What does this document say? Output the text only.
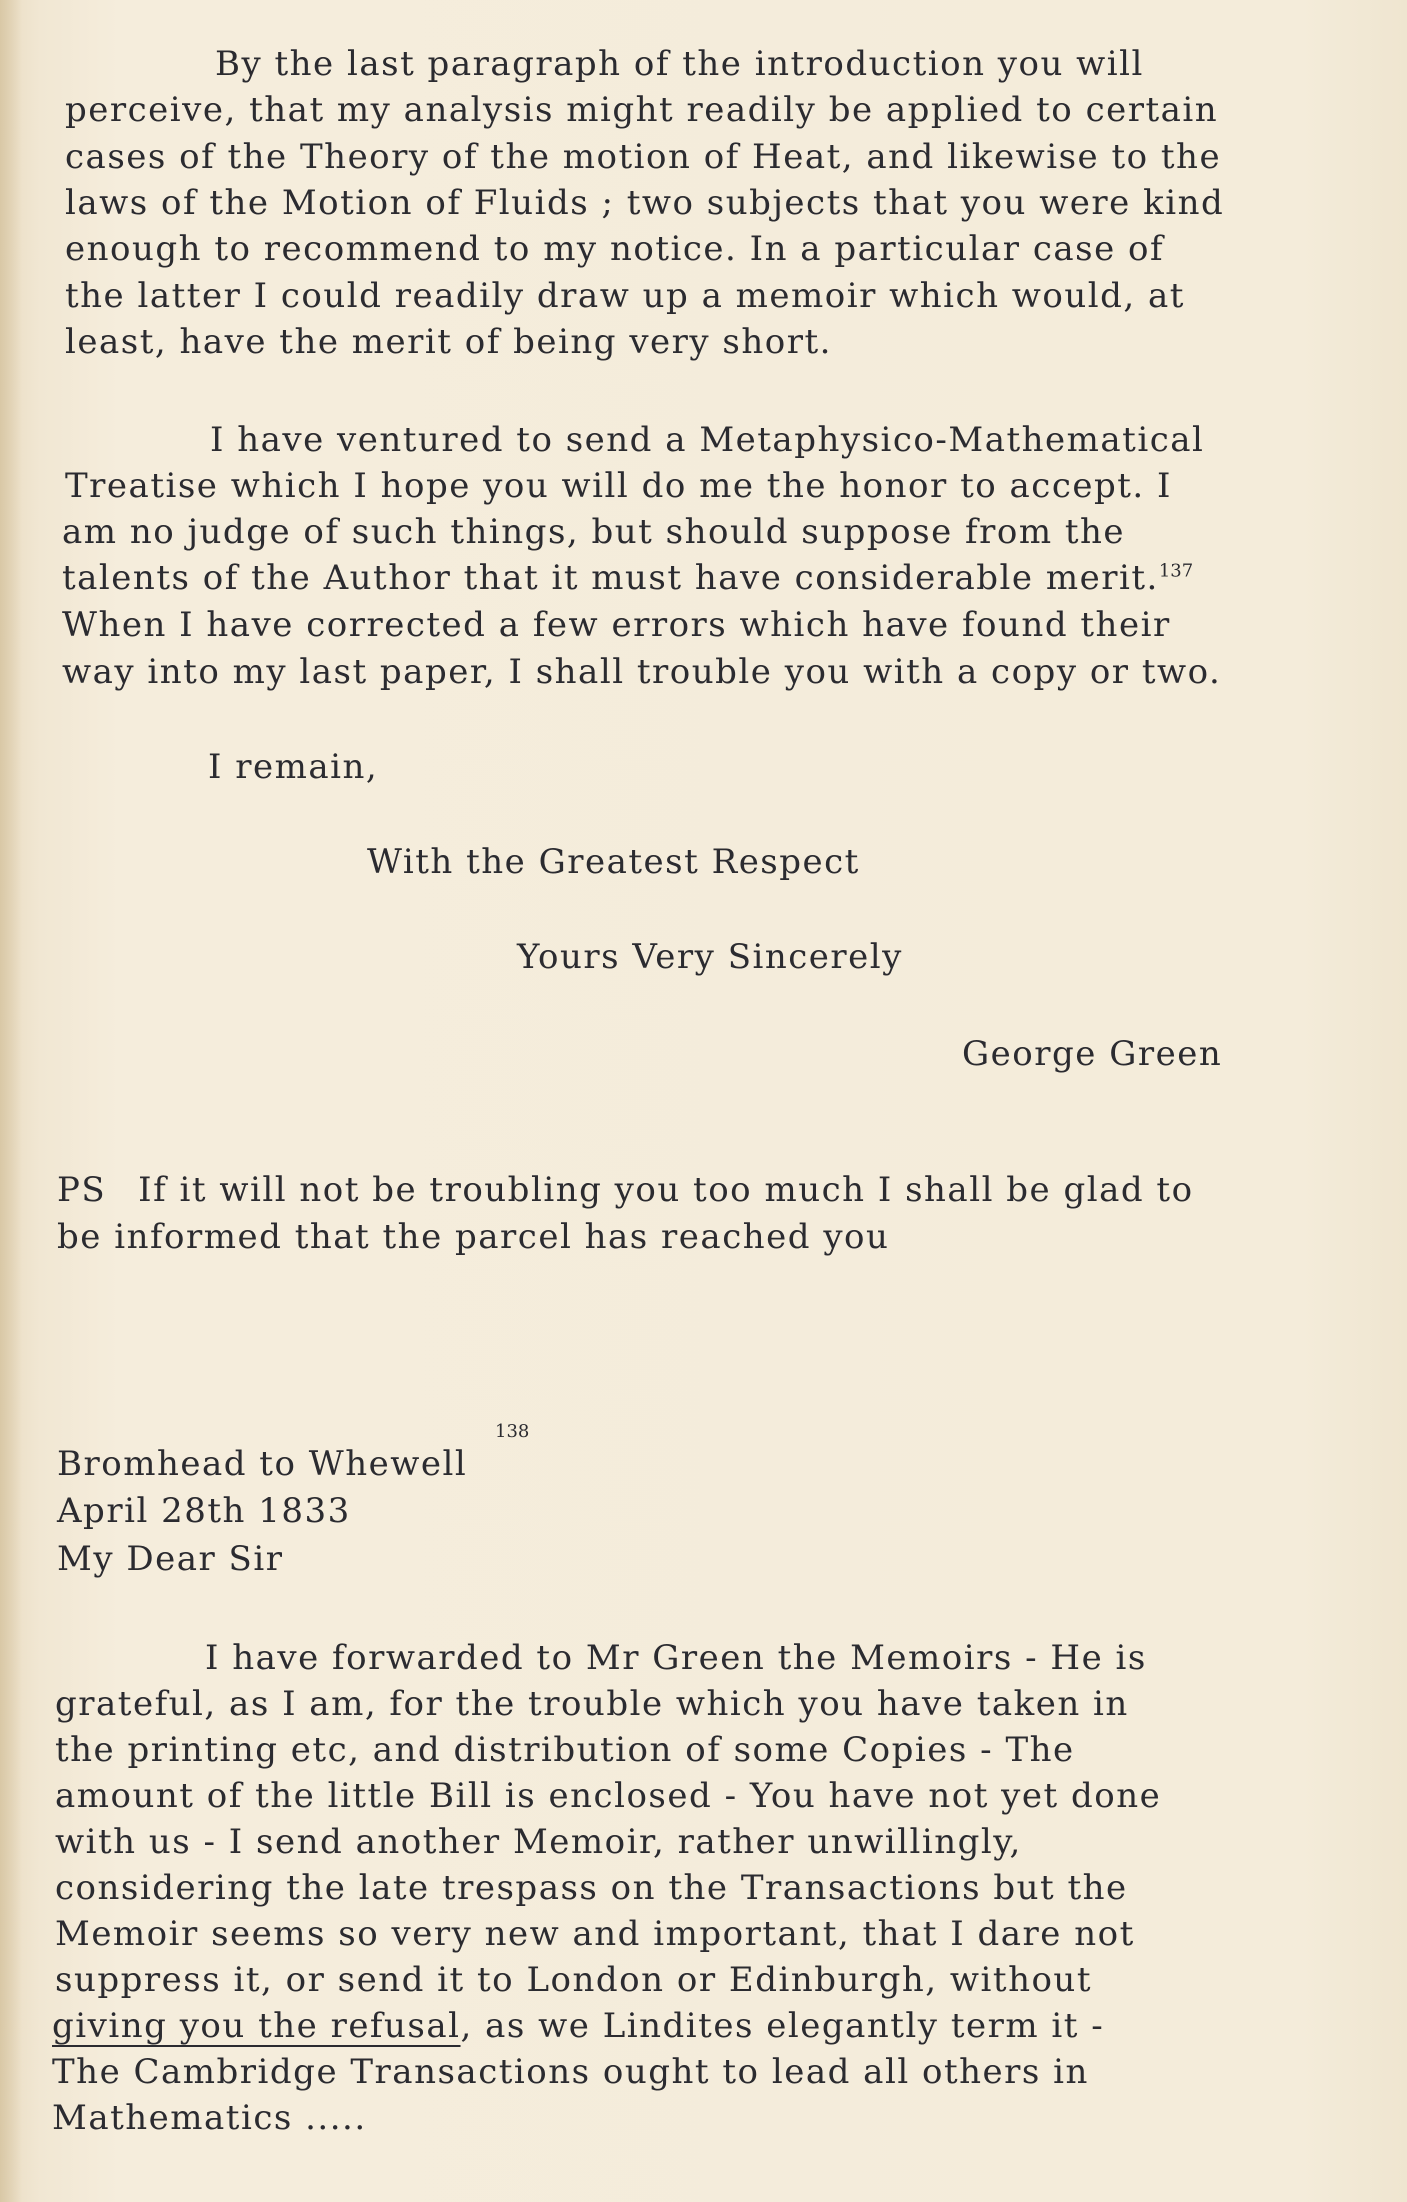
By the last paragraph of the introduction you will
perceive, that my analysis might readily be applied to certain
cases of the Theory of the motion of Heat, and likewise to the
laws of the Motion of Fluids ; two subjects that you were kind
enough to recommend to my notice. In a particular case of
the latter I could readily draw up a memoir which would, at
least, have the merit of being very short.
I have ventured to send a Metaphysico-Mathematical
Treatise which I hope you will do me the honor to accept. I
am no judge of such things, but should suppose from the
talents of the Author that it must have considerable merit.$^{137}$
When I have corrected a few errors which have found their
way into my last paper, I shall trouble you with a copy or two.
I remain,
With the Greatest Respect
Yours Very Sincerely
George Green
PS If it will not be troubling you too much I shall be glad to
be informed that the parcel has reached you
Bromhead to Whewell
138
April 28th 1833
My Dear Sir
I have forwarded to Mr Green the Memoirs - He is
grateful, as I am, for the trouble which you have taken in
the printing etc, and distribution of some Copies - The
amount of the little Bill is enclosed - You have not yet done
with us - I send another Memoir, rather unwillingly,
considering the late trespass on the Transactions but the
Memoir seems so very new and important, that I dare not
suppress it, or send it to London or Edinburgh, without
giving you the refusal, as we Lindites elegantly term it -
The Cambridge Transactions ought to lead all others in
Mathematics .....
